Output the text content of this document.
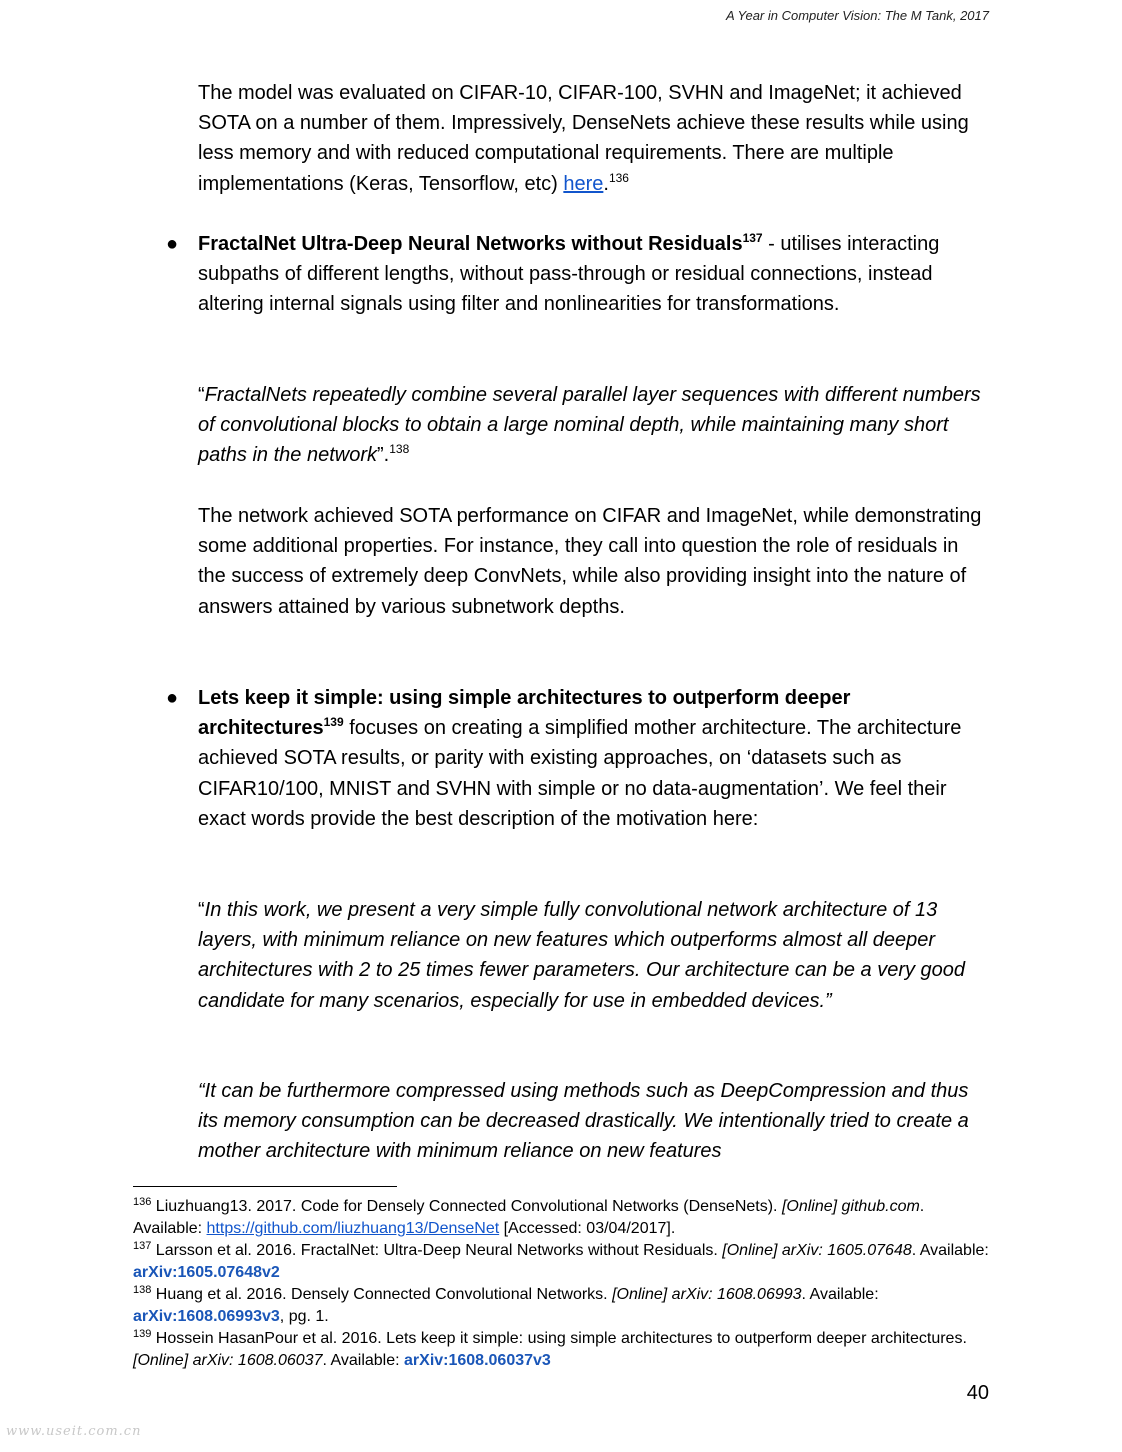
A Year in Computer Vision: The M Tank, 2017
The model was evaluated on CIFAR-10, CIFAR-100, SVHN and ImageNet; it achieved SOTA on a number of them. Impressively, DenseNets achieve these results while using less memory and with reduced computational requirements. There are multiple implementations (Keras, Tensorflow, etc) here.$^{136}$
● FractalNet Ultra-Deep Neural Networks without Residuals$^{137}$ - utilises interacting subpaths of different lengths, without pass-through or residual connections, instead altering internal signals using filter and nonlinearities for transformations.
“FractalNets repeatedly combine several parallel layer sequences with different numbers of convolutional blocks to obtain a large nominal depth, while maintaining many short paths in the network”.$^{138}$
The network achieved SOTA performance on CIFAR and ImageNet, while demonstrating some additional properties. For instance, they call into question the role of residuals in the success of extremely deep ConvNets, while also providing insight into the nature of answers attained by various subnetwork depths.
● Lets keep it simple: using simple architectures to outperform deeper architectures$^{139}$ focuses on creating a simplified mother architecture. The architecture achieved SOTA results, or parity with existing approaches, on ‘datasets such as CIFAR10/100, MNIST and SVHN with simple or no data-augmentation’. We feel their exact words provide the best description of the motivation here:
“In this work, we present a very simple fully convolutional network architecture of 13 layers, with minimum reliance on new features which outperforms almost all deeper architectures with 2 to 25 times fewer parameters. Our architecture can be a very good candidate for many scenarios, especially for use in embedded devices.”
“It can be furthermore compressed using methods such as DeepCompression and thus its memory consumption can be decreased drastically. We intentionally tried to create a mother architecture with minimum reliance on new features
$^{136}$ Liuzhuang13. 2017. Code for Densely Connected Convolutional Networks (DenseNets). [Online] github.com. Available: https://github.com/liuzhuang13/DenseNet [Accessed: 03/04/2017].
$^{137}$ Larsson et al. 2016. FractalNet: Ultra-Deep Neural Networks without Residuals. [Online] arXiv: 1605.07648. Available: arXiv:1605.07648v2
$^{138}$ Huang et al. 2016. Densely Connected Convolutional Networks. [Online] arXiv: 1608.06993. Available: arXiv:1608.06993v3, pg. 1.
$^{139}$ Hossein HasanPour et al. 2016. Lets keep it simple: using simple architectures to outperform deeper architectures. [Online] arXiv: 1608.06037. Available: arXiv:1608.06037v3
40
www.useit.com.cn
